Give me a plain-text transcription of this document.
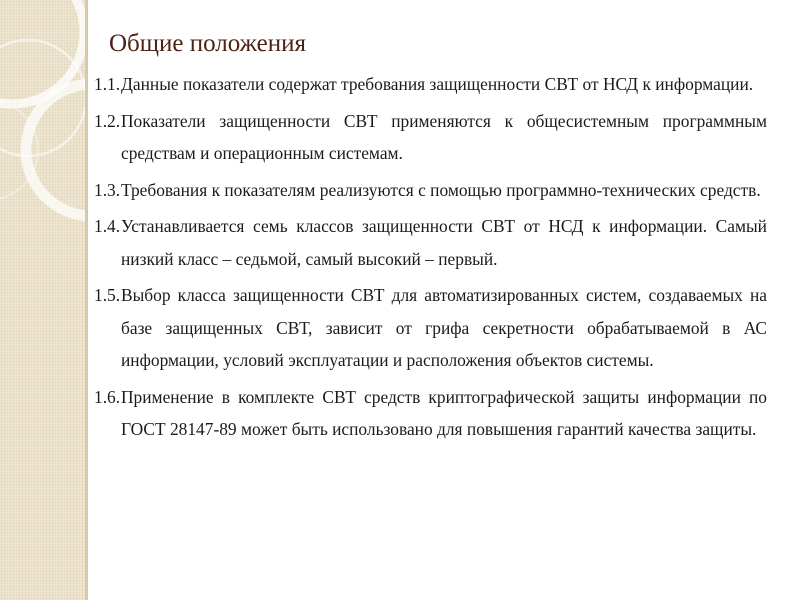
Общие положения
1.1. Данные показатели содержат требования защищенности СВТ от НСД к информации.
1.2. Показатели защищенности СВТ применяются к общесистемным программным средствам и операционным системам.
1.3. Требования к показателям реализуются с помощью программно-технических средств.
1.4. Устанавливается семь классов защищенности СВТ от НСД к информации. Самый низкий класс – седьмой, самый высокий – первый.
1.5. Выбор класса защищенности СВТ для автоматизированных систем, создаваемых на базе защищенных СВТ, зависит от грифа секретности обрабатываемой в АС информации, условий эксплуатации и расположения объектов системы.
1.6. Применение в комплекте СВТ средств криптографической защиты информации по ГОСТ 28147-89 может быть использовано для повышения гарантий качества защиты.
